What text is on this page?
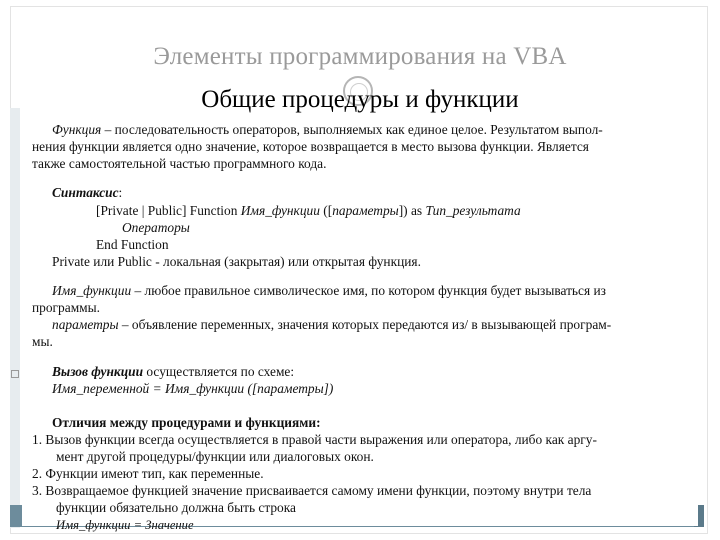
Элементы программирования на VBA
Общие процедуры и функции
Функция – последовательность операторов, выполняемых как единое целое. Результатом выпол-
нения функции является одно значение, которое возвращается в место вызова функции. Является
также самостоятельной частью программного кода.
Синтаксис:
[Private | Public] Function Имя_функции ([параметры]) as Тип_результата
Операторы
End Function
Private или Public - локальная (закрытая) или открытая функция.
Имя_функции – любое правильное символическое имя, по котором функция будет вызываться из
программы.
параметры – объявление переменных, значения которых передаются из/ в вызывающей програм-
мы.
Вызов функции осуществляется по схеме:
Имя_переменной = Имя_функции ([параметры])
Отличия между процедурами и функциями:
1. Вызов функции всегда осуществляется в правой части выражения или оператора, либо как аргу-
мент другой процедуры/функции или диалоговых окон.
2. Функции имеют тип, как переменные.
3. Возвращаемое функцией значение присваивается самому имени функции, поэтому внутри тела
функции обязательно должна быть строка
Имя_функции = Значение
